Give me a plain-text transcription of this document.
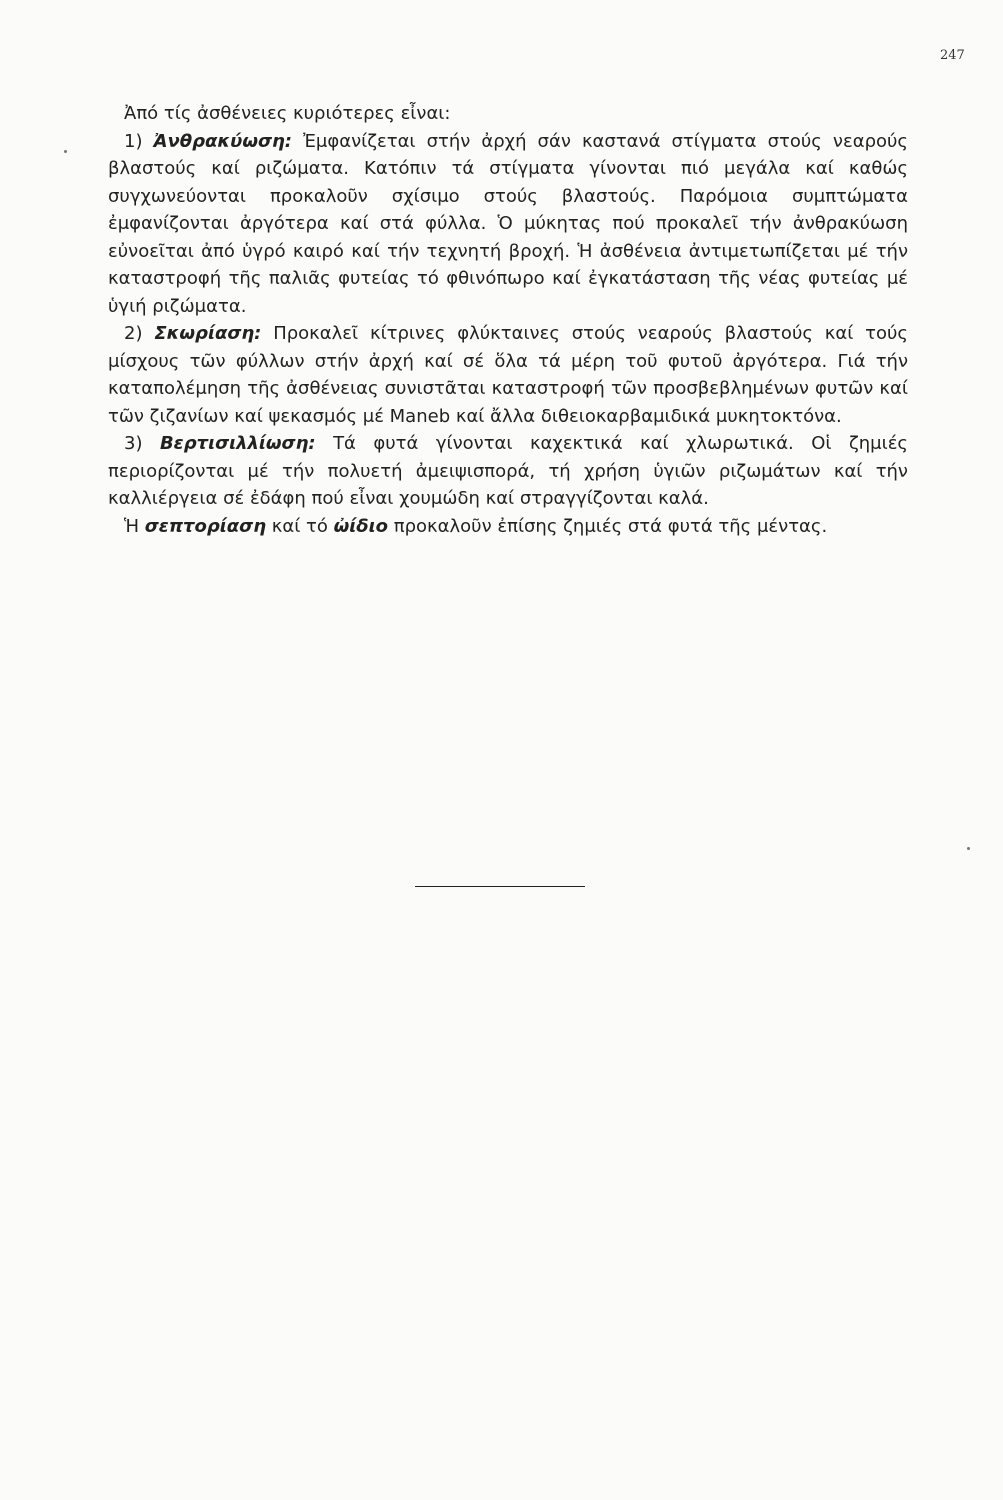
247

Ἀπό τίς ἀσθένειες κυριότερες εἶναι:

1) Ἀνθρακύωση: Ἐμφανίζεται στήν ἀρχή σάν καστανά στίγματα στούς νεαρούς βλαστούς καί ριζώματα. Κατόπιν τά στίγματα γίνονται πιό μεγάλα καί καθώς συγχωνεύονται προκαλοῦν σχίσιμο στούς βλαστούς. Παρόμοια συμπτώματα ἐμφανίζονται ἀργότερα καί στά φύλλα. Ὁ μύκητας πού προκαλεῖ τήν ἀνθρακύωση εὐνοεῖται ἀπό ὑγρό καιρό καί τήν τεχνητή βροχή. Ἡ ἀσθένεια ἀντιμετωπίζεται μέ τήν καταστροφή τῆς παλιᾶς φυτείας τό φθινόπωρο καί ἐγκατάσταση τῆς νέας φυτείας μέ ὑγιή ριζώματα.

2) Σκωρίαση: Προκαλεῖ κίτρινες φλύκταινες στούς νεαρούς βλαστούς καί τούς μίσχους τῶν φύλλων στήν ἀρχή καί σέ ὅλα τά μέρη τοῦ φυτοῦ ἀργότερα. Γιά τήν καταπολέμηση τῆς ἀσθένειας συνιστᾶται καταστροφή τῶν προσβεβλημένων φυτῶν καί τῶν ζιζανίων καί ψεκασμός μέ Maneb καί ἄλλα διθειοκαρβαμιδικά μυκητοκτόνα.

3) Βερτισιλλίωση: Τά φυτά γίνονται καχεκτικά καί χλωρωτικά. Οἱ ζημιές περιορίζονται μέ τήν πολυετή ἀμειψισπορά, τή χρήση ὑγιῶν ριζωμάτων καί τήν καλλιέργεια σέ ἐδάφη πού εἶναι χουμώδη καί στραγγίζονται καλά.

Ἡ σεπτορίαση καί τό ὠίδιο προκαλοῦν ἐπίσης ζημιές στά φυτά τῆς μέντας.
